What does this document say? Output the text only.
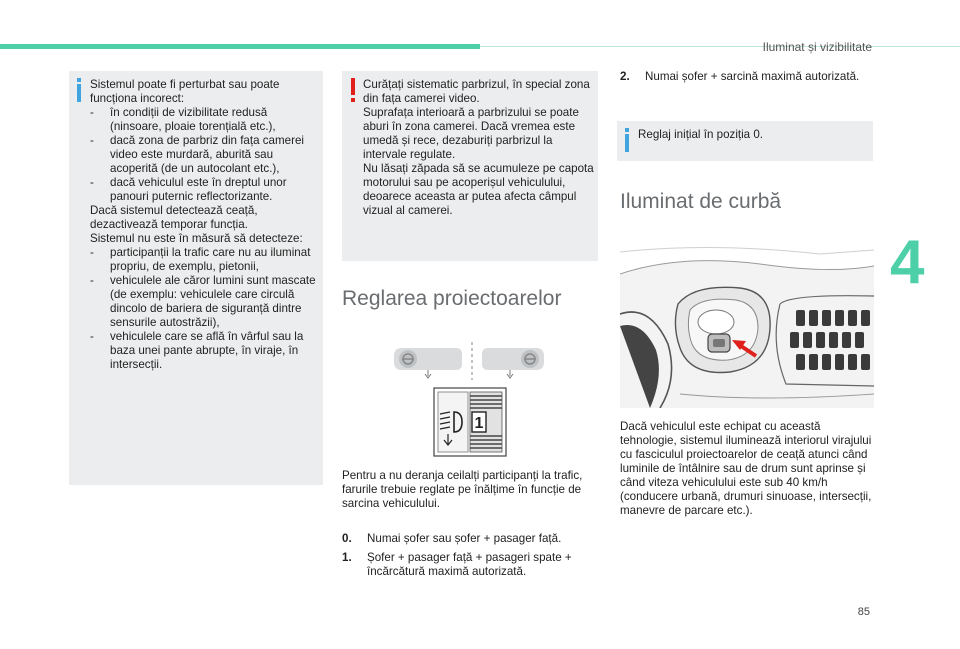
Iluminat și vizibilitate
4

Sistemul poate fi perturbat sau poate funcționa incorect:

- în condiții de vizibilitate redusă (ninsoare, ploaie torențială etc.),

- dacă zona de parbriz din fața camerei video este murdară, aburită sau acoperită (de un autocolant etc.),

- dacă vehiculul este în dreptul unor panouri puternic reflectorizante.

Dacă sistemul detectează ceață, dezactivează temporar funcția.

Sistemul nu este în măsură să detecteze:

- participanții la trafic care nu au iluminat propriu, de exemplu, pietonii,

- vehiculele ale căror lumini sunt mascate (de exemplu: vehiculele care circulă dincolo de bariera de siguranță dintre sensurile autostrăzii),

- vehiculele care se află în vârful sau la baza unei pante abrupte, în viraje, în intersecții.

Curățați sistematic parbrizul, în special zona din fața camerei video.

Suprafața interioară a parbrizului se poate aburi în zona camerei. Dacă vremea este umedă și rece, dezaburiți parbrizul la intervale regulate.

Nu lăsați zăpada să se acumuleze pe capota motorului sau pe acoperișul vehiculului, deoarece aceasta ar putea afecta câmpul vizual al camerei.

Reglarea proiectoarelor
1

Pentru a nu deranja ceilalți participanți la trafic, farurile trebuie reglate pe înălțime în funcție de sarcina vehiculului.

0. Numai șofer sau șofer + pasager față.

1. Șofer + pasager față + pasageri spate + încărcătură maximă autorizată.

2. Numai șofer + sarcină maximă autorizată.

Reglaj inițial în poziția 0.

Iluminat de curbă

Dacă vehiculul este echipat cu această tehnologie, sistemul iluminează interiorul virajului cu fasciculul proiectoarelor de ceață atunci când luminile de întâlnire sau de drum sunt aprinse și când viteza vehiculului este sub 40 km/h (conducere urbană, drumuri sinuoase, intersecții, manevre de parcare etc.).

85
